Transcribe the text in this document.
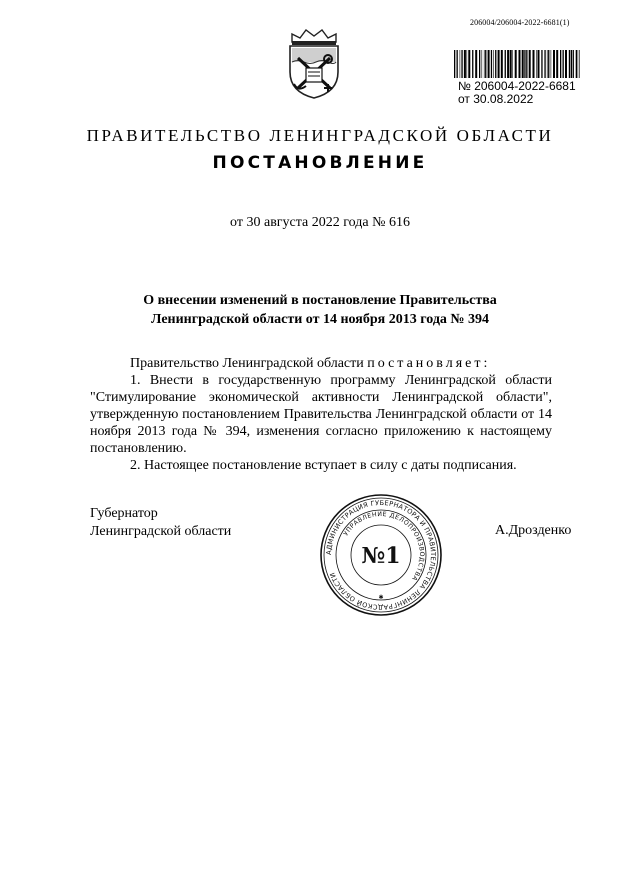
206004/206004-2022-6681(1)
№ 206004-2022-6681
от 30.08.2022
ПРАВИТЕЛЬСТВО ЛЕНИНГРАДСКОЙ ОБЛАСТИ
ПОСТАНОВЛЕНИЕ
от 30 августа 2022 года № 616
О внесении изменений в постановление Правительства
Ленинградской области от 14 ноября 2013 года № 394

Правительство Ленинградской области постановляет:

1. Внести в государственную программу Ленинградской области "Стимулирование экономической активности Ленинградской области", утвержденную постановлением Правительства Ленинградской области от 14 ноября 2013 года № 394, изменения согласно приложению к настоящему постановлению.

2. Настоящее постановление вступает в силу с даты подписания.

Губернатор
Ленинградской области
АДМИНИСТРАЦИЯ ГУБЕРНАТОРА И ПРАВИТЕЛЬСТВА ЛЕНИНГРАДСКОЙ ОБЛАСТИ
УПРАВЛЕНИЕ ДЕЛОПРОИЗВОДСТВА
№1
✱
А.Дрозденко
